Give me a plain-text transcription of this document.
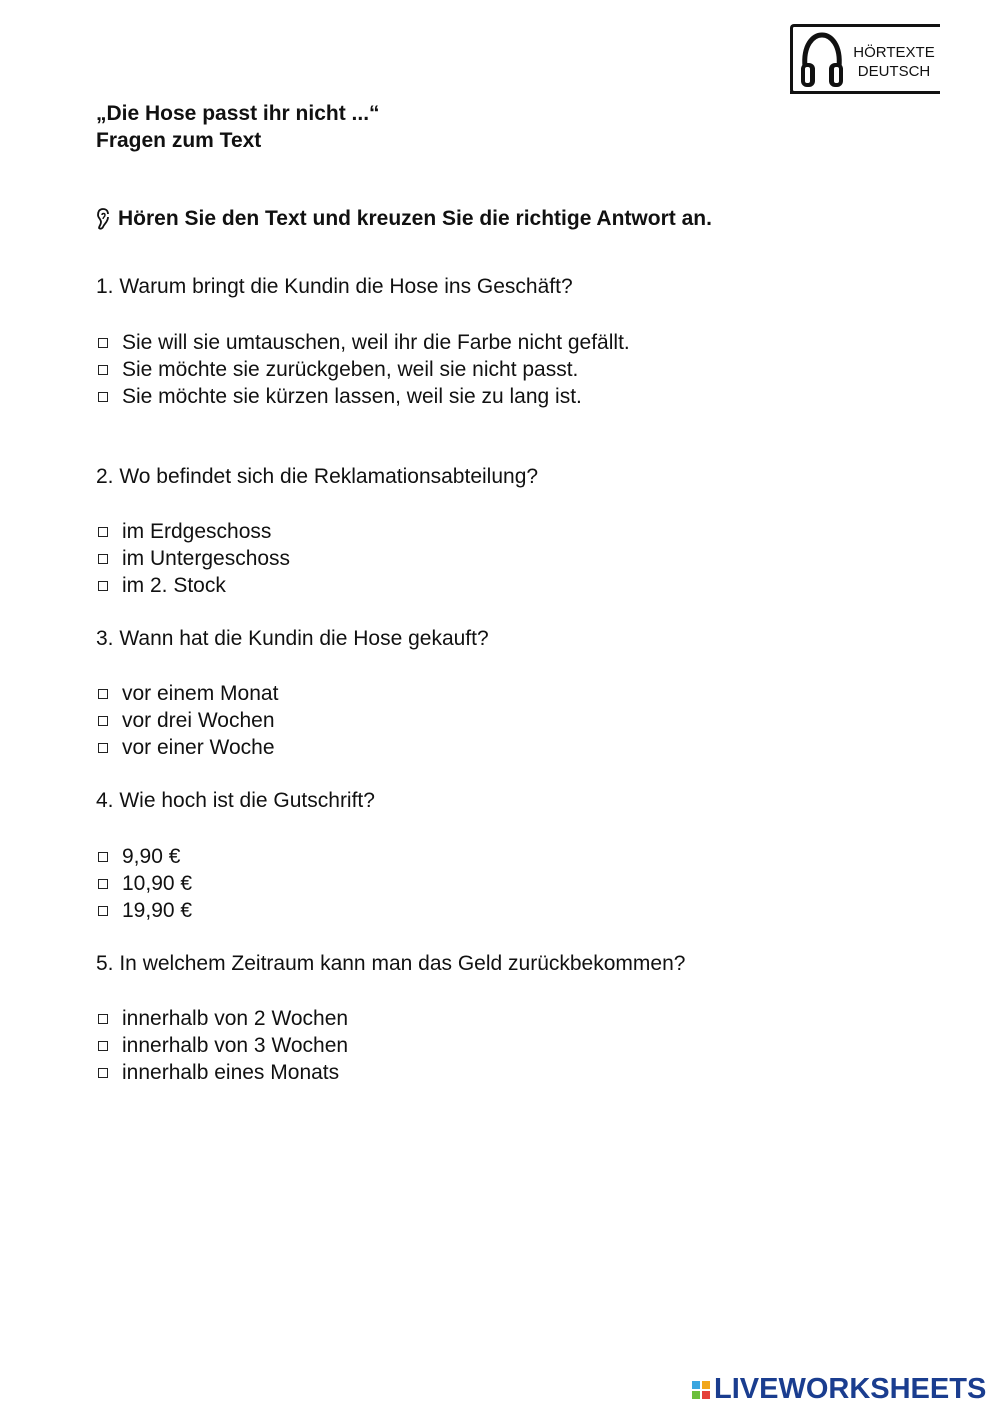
HÖRTEXTE
DEUTSCH
„Die Hose passt ihr nicht ...“
Fragen zum Text
Hören Sie den Text und kreuzen Sie die richtige Antwort an.
1. Warum bringt die Kundin die Hose ins Geschäft?
Sie will sie umtauschen, weil ihr die Farbe nicht gefällt.
Sie möchte sie zurückgeben, weil sie nicht passt.
Sie möchte sie kürzen lassen, weil sie zu lang ist.
2. Wo befindet sich die Reklamationsabteilung?
im Erdgeschoss
im Untergeschoss
im 2. Stock
3. Wann hat die Kundin die Hose gekauft?
vor einem Monat
vor drei Wochen
vor einer Woche
4. Wie hoch ist die Gutschrift?
9,90 €
10,90 €
19,90 €
5. In welchem Zeitraum kann man das Geld zurückbekommen?
innerhalb von 2 Wochen
innerhalb von 3 Wochen
innerhalb eines Monats
LIVEWORKSHEETS
